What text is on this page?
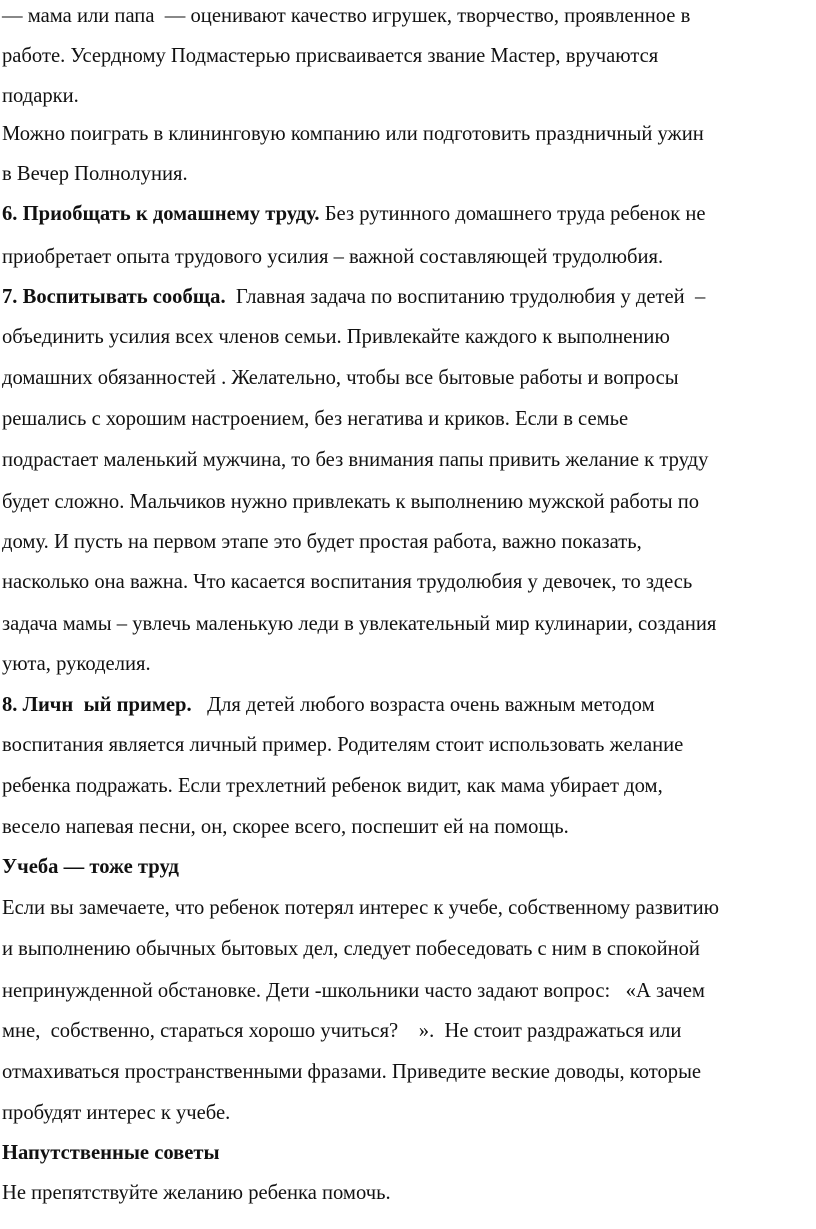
— мама или папа  — оценивают качество игрушек, творчество, проявленное в
работе. Усердному Подмастерью присваивается звание Мастер, вручаются
подарки.
Можно поиграть в клининговую компанию или подготовить праздничный ужин
в Вечер Полнолуния.
6. Приобщать к домашнему труду. Без рутинного домашнего труда ребенок не
приобретает опыта трудового усилия – важной составляющей трудолюбия.
7. Воспитывать сообща.  Главная задача по воспитанию трудолюбия у детей  –
объединить усилия всех членов семьи. Привлекайте каждого к выполнению
домашних обязанностей . Желательно, чтобы все бытовые работы и вопросы
решались с хорошим настроением, без негатива и криков. Если в семье
подрастает маленький мужчина, то без внимания папы привить желание к труду
будет сложно. Мальчиков нужно привлекать к выполнению мужской работы по
дому. И пусть на первом этапе это будет простая работа, важно показать,
насколько она важна. Что касается воспитания трудолюбия у девочек, то здесь
задача мамы – увлечь маленькую леди в увлекательный мир кулинарии, создания
уюта, рукоделия.
8. Личн  ый пример.   Для детей любого возраста очень важным методом
воспитания является личный пример. Родителям стоит использовать желание
ребенка подражать. Если трехлетний ребенок видит, как мама убирает дом,
весело напевая песни, он, скорее всего, поспешит ей на помощь.
Учеба — тоже труд
Если вы замечаете, что ребенок потерял интерес к учебе, собственному развитию
и выполнению обычных бытовых дел, следует побеседовать с ним в спокойной
непринужденной обстановке. Дети -школьники часто задают вопрос:   «А зачем
мне,  собственно, стараться хорошо учиться?    ».  Не стоит раздражаться или
отмахиваться пространственными фразами. Приведите веские доводы, которые
пробудят интерес к учебе.
Напутственные советы
Не препятствуйте желанию ребенка помочь.
